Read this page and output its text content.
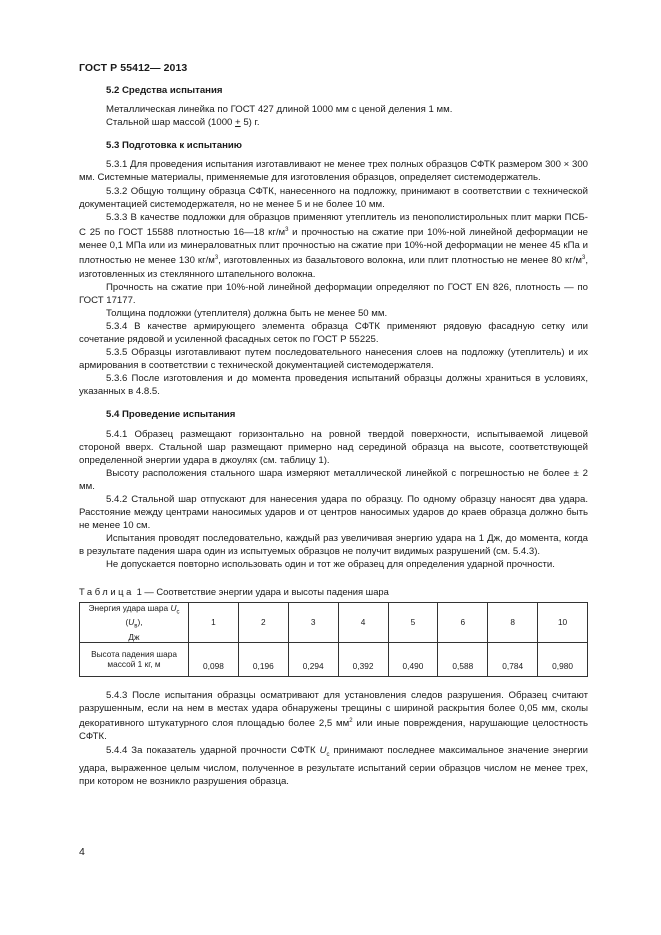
ГОСТ Р 55412— 2013

5.2 Средства испытания

Металлическая линейка по ГОСТ 427 длиной 1000 мм с ценой деления 1 мм.

Стальной шар массой (1000 + 5) г.

5.3 Подготовка к испытанию

5.3.1 Для проведения испытания изготавливают не менее трех полных образцов СФТК размером 300 × 300 мм. Системные материалы, применяемые для изготовления образцов, определяет системодержатель.

5.3.2 Общую толщину образца СФТК, нанесенного на подложку, принимают в соответствии с технической документацией системодержателя, но не менее 5 и не более 10 мм.

5.3.3 В качестве подложки для образцов применяют утеплитель из пенополистирольных плит марки ПСБ-С 25 по ГОСТ 15588 плотностью 16—18 $кг/м^3$ и прочностью на сжатие при 10%-ной линейной деформации не менее 0,1 МПа или из минераловатных плит прочностью на сжатие при 10%-ной деформации не менее 45 кПа и плотностью не менее 130 $кг/м^3$, изготовленных из базальтового волокна, или плит плотностью не менее 80 $кг/м^3$, изготовленных из стеклянного штапельного волокна.

Прочность на сжатие при 10%-ной линейной деформации определяют по ГОСТ EN 826, плотность — по ГОСТ 17177.

Толщина подложки (утеплителя) должна быть не менее 50 мм.

5.3.4 В качестве армирующего элемента образца СФТК применяют рядовую фасадную сетку или сочетание рядовой и усиленной фасадных сеток по ГОСТ Р 55225.

5.3.5 Образцы изготавливают путем последовательного нанесения слоев на подложку (утеплитель) и их армирования в соответствии с технической документацией системодержателя.

5.3.6 После изготовления и до момента проведения испытаний образцы должны храниться в условиях, указанных в 4.8.5.

5.4 Проведение испытания

5.4.1 Образец размещают горизонтально на ровной твердой поверхности, испытываемой лицевой стороной вверх. Стальной шар размещают примерно над серединой образца на высоте, соответствующей определенной энергии удара в джоулях (см. таблицу 1).

Высоту расположения стального шара измеряют металлической линейкой с погрешностью не более ± 2 мм.

5.4.2 Стальной шар отпускают для нанесения удара по образцу. По одному образцу наносят два удара. Расстояние между центрами наносимых ударов и от центров наносимых ударов до краев образца должно быть не менее 10 см.

Испытания проводят последовательно, каждый раз увеличивая энергию удара на 1 Дж, до момента, когда в результате падения шара один из испытуемых образцов не получит видимых разрушений (см. 5.4.3).

Не допускается повторно использовать один и тот же образец для определения ударной прочности.

Таблица 1 — Соответствие энергии удара и высоты падения шара

Энергия удара шара $U_c$ $(U_в)$,
Дж	1	2	3	4	5	6	8	10
Высота падения шара
массой 1 кг, м	0,098	0,196	0,294	0,392	0,490	0,588	0,784	0,980

5.4.3 После испытания образцы осматривают для установления следов разрушения. Образец считают разрушенным, если на нем в местах удара обнаружены трещины с шириной раскрытия более 0,05 мм, сколы декоративного штукатурного слоя площадью более 2,5 $мм^2$ или иные повреждения, нарушающие целостность СФТК.

5.4.4 За показатель ударной прочности СФТК $U_c$ принимают последнее максимальное значение энергии удара, выраженное целым числом, полученное в результате испытаний серии образцов числом не менее трех, при котором не возникло разрушения образца.

4
